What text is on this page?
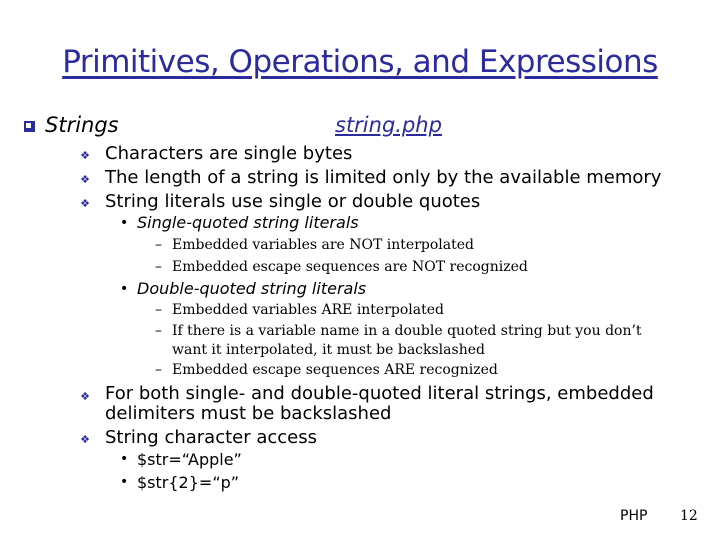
Primitives, Operations, and Expressions
Strings	string.php
❖ Characters are single bytes
❖ The length of a string is limited only by the available memory
❖ String literals use single or double quotes
• Single-quoted string literals
– Embedded variables are NOT interpolated
– Embedded escape sequences are NOT recognized
• Double-quoted string literals
– Embedded variables ARE interpolated
– If there is a variable name in a double quoted string but you don’t
want it interpolated, it must be backslashed
– Embedded escape sequences ARE recognized
❖ For both single- and double-quoted literal strings, embedded
delimiters must be backslashed
❖ String character access
• $str=“Apple”
• $str{2}=“p”
PHP 12
